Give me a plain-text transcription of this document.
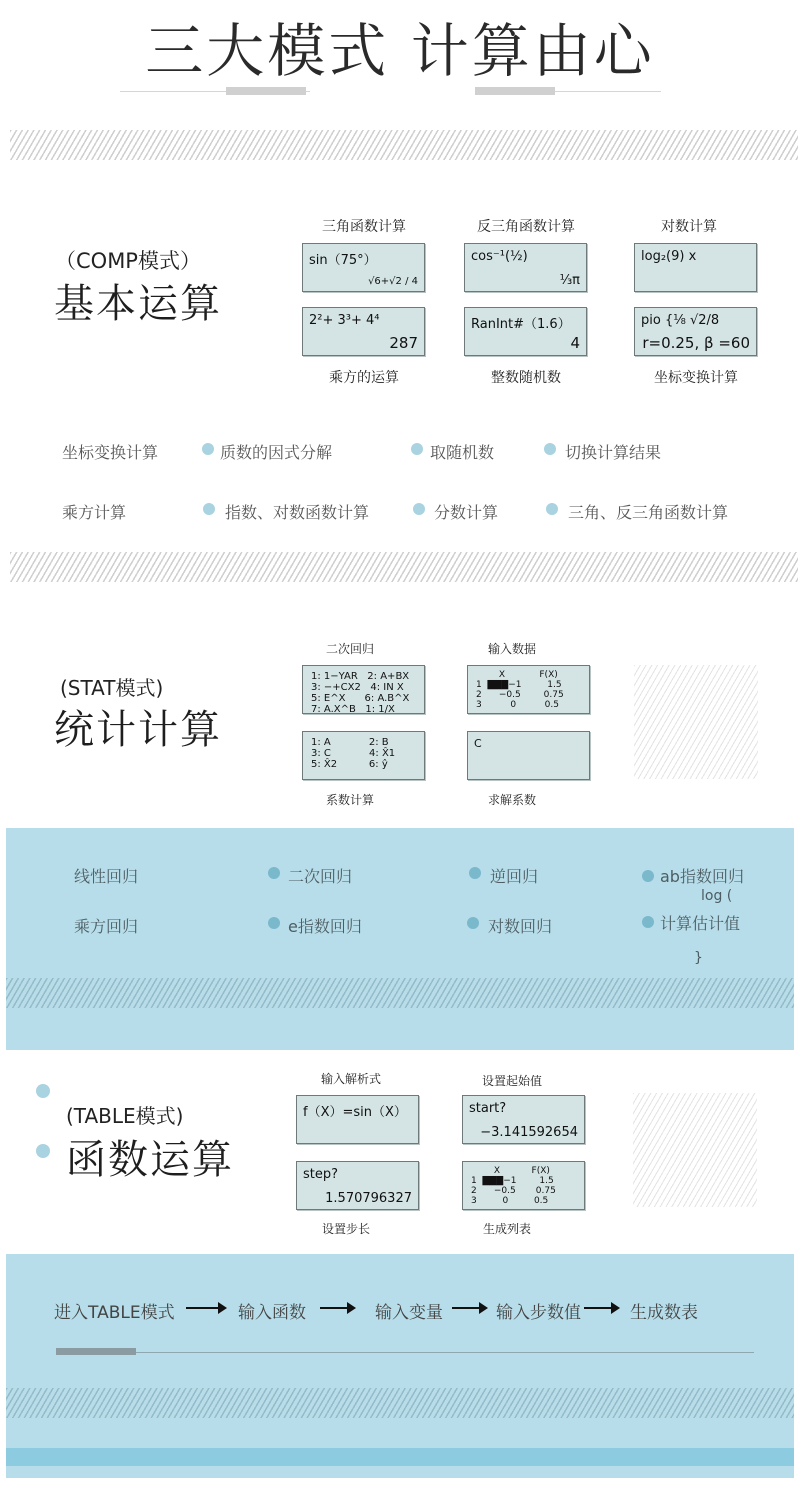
三大模式 计算由心
（COMP模式）
基本运算
三角函数计算	反三角函数计算	对数计算
sin（75°）
√6+√2 / 4
cos⁻¹(½)
⅓π
log₂(9) x
2²+ 3³+ 4⁴
287
RanInt#（1.6）
4
pio {⅛ √2/8
r=0.25, β =60
乘方的运算	整数随机数	坐标变换计算
坐标变换计算	质数的因式分解	取随机数	切换计算结果
乘方计算	指数、对数函数计算	分数计算	三角、反三角函数计算
(STAT模式)
统计计算
二次回归	输入数据
1: 1−YAR   2: A+BX
3: −+CX2   4: IN X
5: E^X      6: A.B^X
7: A.X^B   1: 1/X
X            F(X)
1  ▇▇▇−1         1.5
2      −0.5        0.75
3          0          0.5
1: A            2: B
3: C            4: X̂1
5: X̂2          6: ŷ
C
系数计算	求解系数
线性回归	二次回归	逆回归	ab指数回归
log (
乘方回归	e指数回归	对数回归	计算估计值
}
(TABLE模式)
函数运算
输入解析式	设置起始值
f（X）=sin（X）	start?
−3.141592654
step?
1.570796327
X           F(X)
1  ▇▇▇−1        1.5
2      −0.5       0.75
3         0         0.5
设置步长	生成列表
进入TABLE模式	输入函数	输入变量	输入步数值	生成数表
